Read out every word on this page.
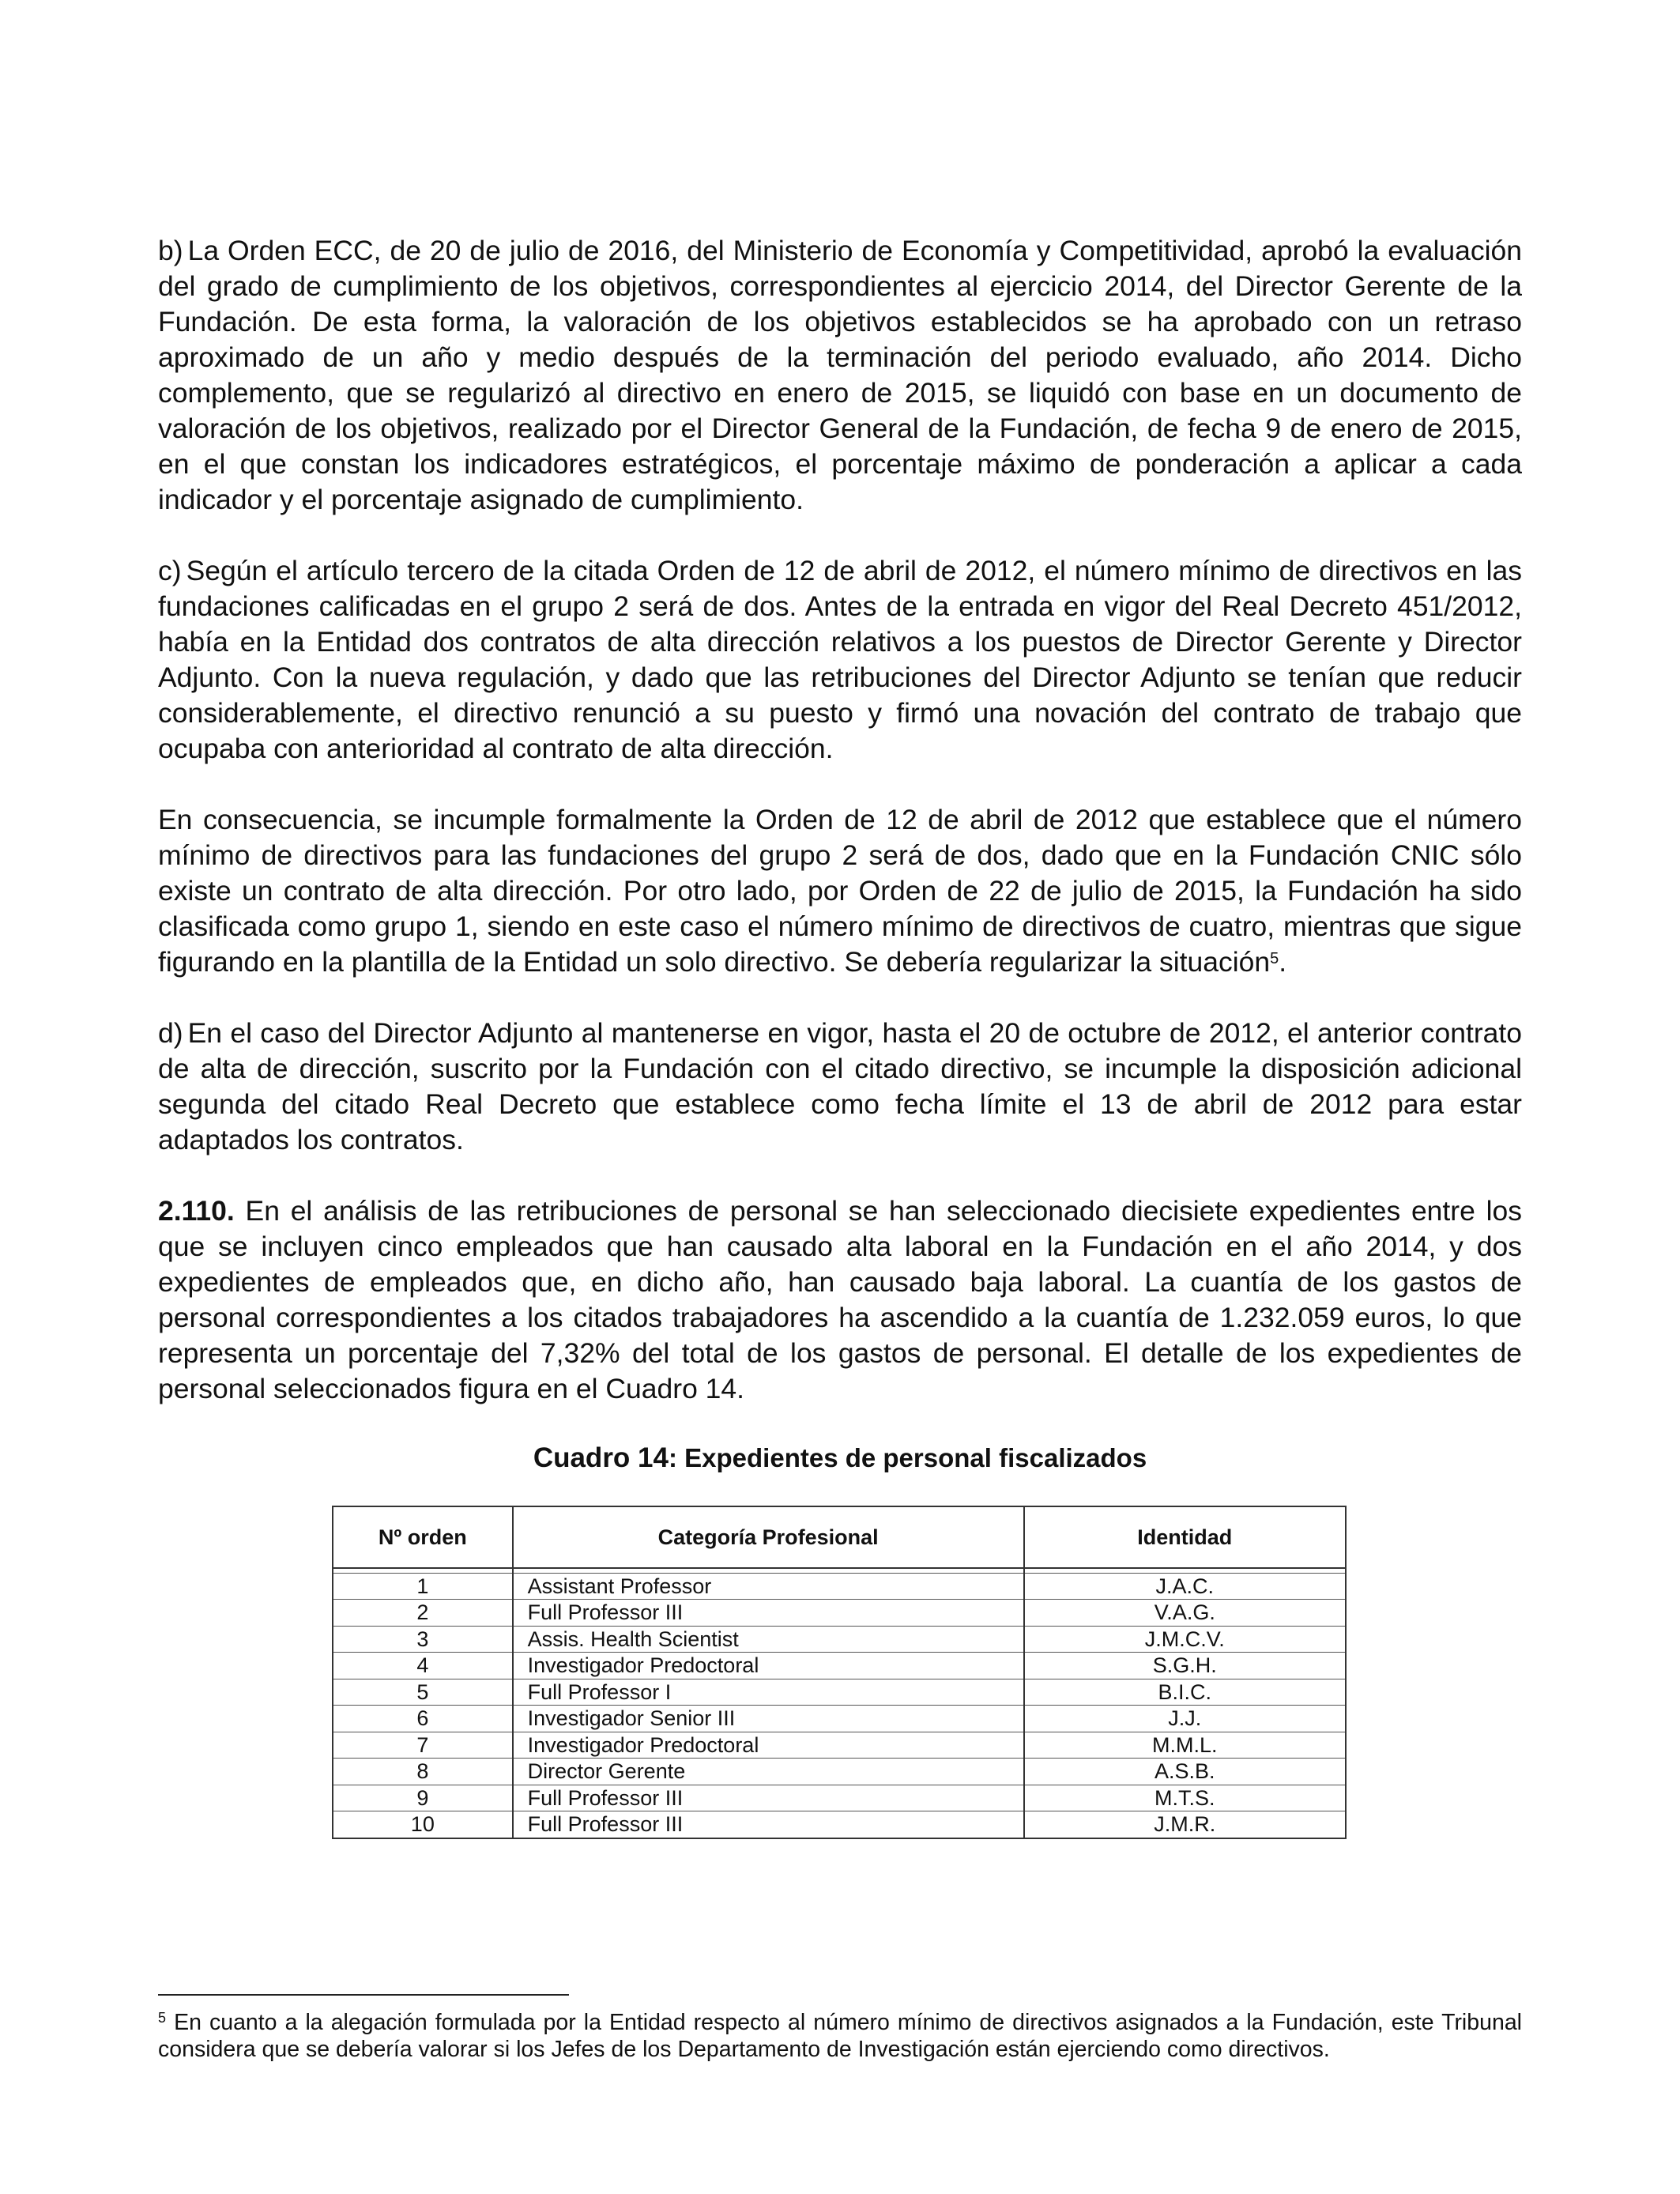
b) La Orden ECC, de 20 de julio de 2016, del Ministerio de Economía y Competitividad, aprobó la evaluación del grado de cumplimiento de los objetivos, correspondientes al ejercicio 2014, del Director Gerente de la Fundación. De esta forma, la valoración de los objetivos establecidos se ha aprobado con un retraso aproximado de un año y medio después de la terminación del periodo evaluado, año 2014. Dicho complemento, que se regularizó al directivo en enero de 2015, se liquidó con base en un documento de valoración de los objetivos, realizado por el Director General de la Fundación, de fecha 9 de enero de 2015, en el que constan los indicadores estratégicos, el porcentaje máximo de ponderación a aplicar a cada indicador y el porcentaje asignado de cumplimiento.

c) Según el artículo tercero de la citada Orden de 12 de abril de 2012, el número mínimo de directivos en las fundaciones calificadas en el grupo 2 será de dos. Antes de la entrada en vigor del Real Decreto 451/2012, había en la Entidad dos contratos de alta dirección relativos a los puestos de Director Gerente y Director Adjunto. Con la nueva regulación, y dado que las retribuciones del Director Adjunto se tenían que reducir considerablemente, el directivo renunció a su puesto y firmó una novación del contrato de trabajo que ocupaba con anterioridad al contrato de alta dirección.

En consecuencia, se incumple formalmente la Orden de 12 de abril de 2012 que establece que el número mínimo de directivos para las fundaciones del grupo 2 será de dos, dado que en la Fundación CNIC sólo existe un contrato de alta dirección. Por otro lado, por Orden de 22 de julio de 2015, la Fundación ha sido clasificada como grupo 1, siendo en este caso el número mínimo de directivos de cuatro, mientras que sigue figurando en la plantilla de la Entidad un solo directivo. Se debería regularizar la situación$^5$.

d) En el caso del Director Adjunto al mantenerse en vigor, hasta el 20 de octubre de 2012, el anterior contrato de alta de dirección, suscrito por la Fundación con el citado directivo, se incumple la disposición adicional segunda del citado Real Decreto que establece como fecha límite el 13 de abril de 2012 para estar adaptados los contratos.

2.110. En el análisis de las retribuciones de personal se han seleccionado diecisiete expedientes entre los que se incluyen cinco empleados que han causado alta laboral en la Fundación en el año 2014, y dos expedientes de empleados que, en dicho año, han causado baja laboral. La cuantía de los gastos de personal correspondientes a los citados trabajadores ha ascendido a la cuantía de 1.232.059 euros, lo que representa un porcentaje del 7,32% del total de los gastos de personal. El detalle de los expedientes de personal seleccionados figura en el Cuadro 14.

Cuadro 14: Expedientes de personal fiscalizados
Nº orden	Categoría Profesional	Identidad

1	Assistant Professor	J.A.C.
2	Full Professor III	V.A.G.
3	Assis. Health Scientist	J.M.C.V.
4	Investigador Predoctoral	S.G.H.
5	Full Professor I	B.I.C.
6	Investigador Senior III	J.J.
7	Investigador Predoctoral	M.M.L.
8	Director Gerente	A.S.B.
9	Full Professor III	M.T.S.
10	Full Professor III	J.M.R.
$^5$ En cuanto a la alegación formulada por la Entidad respecto al número mínimo de directivos asignados a la Fundación, este Tribunal considera que se debería valorar si los Jefes de los Departamento de Investigación están ejerciendo como directivos.
